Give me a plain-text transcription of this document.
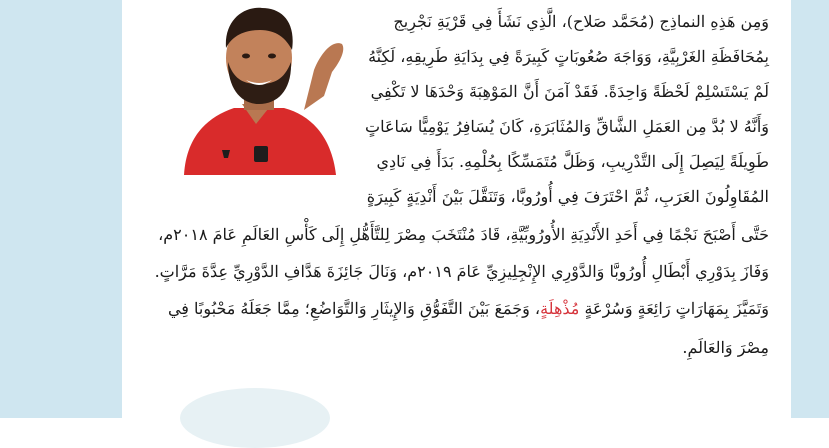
وَمِن هَذِهِ النماذِج (مُحَمَّد صَلاح)، الَّذِي نَشَأَ فِي قَرْيَةِ نَجْرِيج
بِمُحَافَظَةِ الغَرْبِيَّةِ، وَوَاجَهَ صُعُوبَاتٍ كَبِيرَةً فِي بِدَايَةِ طَرِيقِهِ، لَكِنَّهُ
لَمْ يَسْتَسْلِمْ لَحْظَةً وَاحِدَةً. فَقَدْ آمَنَ أَنَّ المَوْهِبَةَ وَحْدَهَا لا تَكْفِي
وَأَنَّهُ لا بُدَّ مِن العَمَلِ الشَّاقِّ وَالمُثَابَرَةِ، كَانَ يُسَافِرُ يَوْمِيًّا سَاعَاتٍ
طَوِيلَةً لِيَصِلَ إِلَى التَّدْرِيبِ، وَظَلَّ مُتَمَسِّكًا بِحُلْمِهِ. بَدَأَ فِي نَادِي
المُقَاوِلُونَ العَرَبِ، ثُمَّ احْتَرَفَ فِي أُورُوبَّا، وَتَنَقَّلَ بَيْنَ أَنْدِيَةٍ كَبِيرَةٍ
حَتَّى أَصْبَحَ نَجْمًا فِي أَحَدِ الأَنْدِيَةِ الأُورُوبِّيَّةِ، قَادَ مُنْتَخَبَ مِصْرَ لِلتَّأَهُّلِ إِلَى كَأْسِ العَالَمِ عَامَ ٢٠١٨م،
وَفَازَ بِدَوْرِي أَبْطَالِ أُورُوبَّا وَالدَّوْرِي الإِنْجِلِيزِيِّ عَامَ ٢٠١٩م، وَنَالَ جَائِزَةَ هَدَّافِ الدَّوْرِيِّ عِدَّةَ مَرَّاتٍ.
وَتَمَيَّزَ بِمَهَارَاتٍ رَائِعَةٍ وَسُرْعَةٍ مُذْهِلَةٍ، وَجَمَعَ بَيْنَ التَّفَوُّقِ وَالإِيثَارِ وَالتَّوَاضُعِ؛ مِمَّا جَعَلَهُ مَحْبُوبًا فِي
مِصْرَ وَالعَالَمِ.
